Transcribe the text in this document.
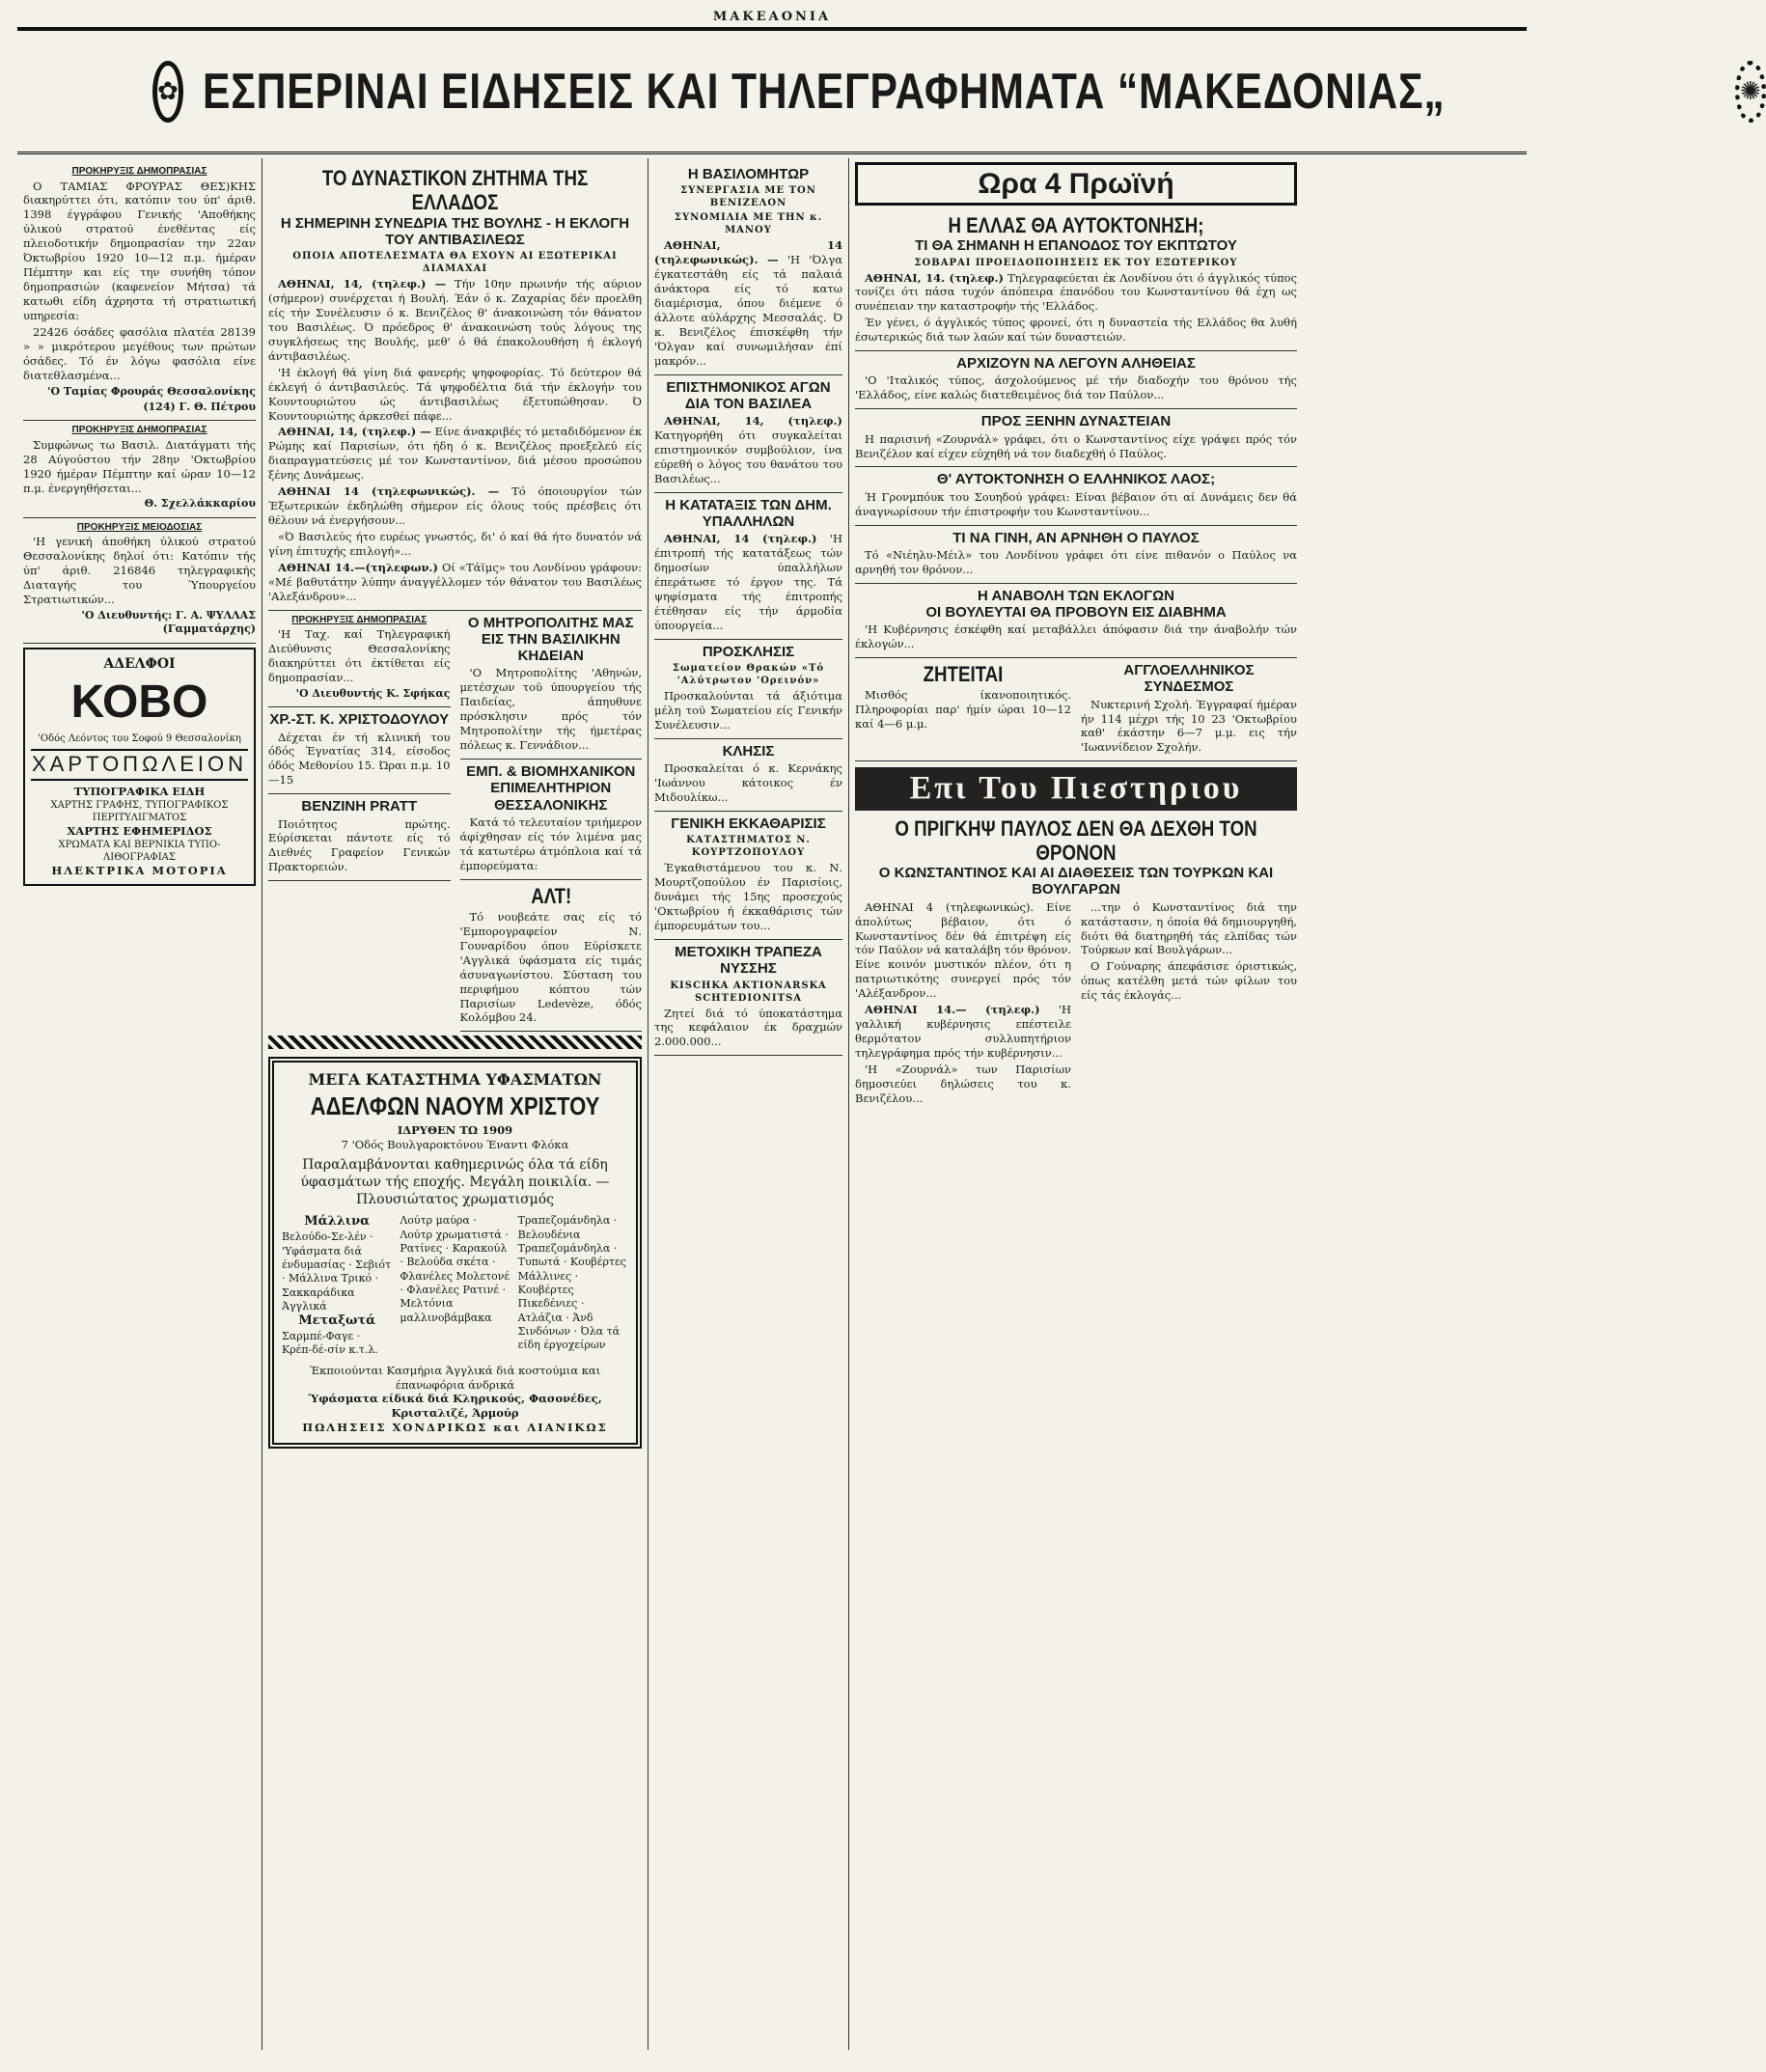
MAKEAONIA
✿ ΕΣΠΕΡΙΝΑΙ ΕΙΔΗΣΕΙΣ ΚΑΙ ΤΗΛΕΓΡΑΦΗΜΑΤΑ “ΜΑΚΕΔΟΝΙΑΣ„	✺
ΠΡΟΚΗΡΥΞΙΣ ΔΗΜΟΠΡΑΣΙΑΣ

Ο ΤΑΜΙΑΣ ΦΡΟΥΡΑΣ ΘΕΣ)ΚΗΣ διακηρύττει ότι, κατόπιν του ύπ' άριθ. 1398 έγγράφου Γενικής 'Αποθήκης ύλικού στρατού ένεθέντας είς πλειοδοτικήν δημοπρασίαν την 22αν Όκτωβρίου 1920 10—12 π.μ. ήμέραν Πέμπτην και είς την συνήθη τόπον δημοπρασιών (καφενείον Μήτσα) τά κατωθι είδη άχρηστα τή στρατιωτική υπηρεσία:

22426 όσάδες φασόλια πλατέα 28139 » » μικρότερου μεγέθους των πρώτων όσάδες. Τό έν λόγω φασόλια είνε διατεθλασμένα...

'Ο Ταμίας Φρουράς Θεσσαλονίκης
(124) Γ. Θ. Πέτρου
ΠΡΟΚΗΡΥΞΙΣ ΔΗΜΟΠΡΑΣΙΑΣ

Συμφώνως τω Βασιλ. Διατάγματι τής 28 Αύγούστου τήν 28ην 'Οκτωβρίου 1920 ήμέραν Πέμπτην καί ώραν 10—12 π.μ. ένεργηθήσεται...

Θ. Σχελλάκκαρίου
ΠΡΟΚΗΡΥΞΙΣ ΜΕΙΟΔΟΣΙΑΣ

'Η γενική άποθήκη ύλικού στρατού Θεσσαλονίκης δηλοί ότι: Κατόπιν τής ύπ' άριθ. 216846 τηλεγραφικής Διαταγής του Ύπουργείου Στρατιωτικών...

'Ο Διευθυντής: Γ. Α. ΨΥΛΛΑΣ (Γαμματάρχης)
ΑΔΕΛΦΟΙ
ΚΟΒΟ
'Οδός Λεόντος του Σοφού 9 Θεσσαλονίκη
ΧΑΡΤΟΠΩΛΕΙΟΝ
ΤΥΠΟΓΡΑΦΙΚΑ ΕΙΔΗ
ΧΑΡΤΗΣ ΓΡΑΦΗΣ, ΤΥΠΟΓΡΑΦΙΚΟΣ ΠΕΡΙΤΥΛΙΓΜΑΤΟΣ
ΧΑΡΤΗΣ ΕΦΗΜΕΡΙΔΟΣ
ΧΡΩΜΑΤΑ ΚΑΙ ΒΕΡΝΙΚΙΑ ΤΥΠΟ-ΛΙΘΟΓΡΑΦΙΑΣ
ΗΛΕΚΤΡΙΚΑ ΜΟΤΟΡΙΑ
ΤΟ ΔΥΝΑΣΤΙΚΟΝ ΖΗΤΗΜΑ ΤΗΣ ΕΛΛΑΔΟΣ
Η ΣΗΜΕΡΙΝΗ ΣΥΝΕΔΡΙΑ ΤΗΣ ΒΟΥΛΗΣ - Η ΕΚΛΟΓΗ ΤΟΥ ΑΝΤΙΒΑΣΙΛΕΩΣ
ΟΠΟΙΑ ΑΠΟΤΕΛΕΣΜΑΤΑ ΘΑ ΕΧΟΥΝ ΑΙ ΕΞΩΤΕΡΙΚΑΙ ΔΙΑΜΑΧΑΙ

ΑΘΗΝΑΙ, 14, (τηλεφ.) — Τήν 10ην πρωινήν τής αύριον (σήμερον) συνέρχεται ή Βουλή. Έάν ό κ. Ζαχαρίας δέν προελθη είς τήν Συνέλευσιν ό κ. Βενιζέλος θ' άνακοινώση τόν θάνατον του Βασιλέως. Ό πρόεδρος θ' άνακοινώση τούς λόγους της συγκλήσεως της Βουλής, μεθ' ό θά έπακολουθήση ή έκλογή άντιβασιλέως.

'Η έκλογή θά γίνη διά φανερής ψηφοφορίας. Τό δεύτερον θά έκλεγή ό άντιβασιλεύς. Τά ψηφοδέλτια διά τήν έκλογήν του Κουντουριώτου ώς άντιβασιλέως έξετυπώθησαν. Ό Κουντουριώτης άρκεσθεί πάφε...

ΑΘΗΝΑΙ, 14, (τηλεφ.) — Είνε άνακριβές τό μεταδιδόμενον έκ Ρώμης καί Παρισίων, ότι ήδη ό κ. Βενιζέλος προεξελεύ είς διαπραγματεύσεις μέ τον Κωνσταντίνον, διά μέσου προσώπου ξένης Δυνάμεως.

ΑΘΗΝΑΙ 14 (τηλεφωνικώς). — Τό όποιουργίον τών Έξωτερικών έκδηλώθη σήμερον είς όλους τούς πρέσβεις ότι θέλουν νά ένεργήσουν...

«Ό Βασιλεύς ήτο ευρέως γνωστός, δι' ό καί θά ήτο δυνατόν νά γίνη έπιτυχής επιλογή»...

ΑΘΗΝΑΙ 14.—(τηλεφων.) Οί «Τάϊμς» του Λονδίνου γράφουν: «Μέ βαθυτάτην λύπην άναγγέλλομεν τόν θάνατον του Βασιλέως 'Αλεξάνδρου»...

ΠΡΟΚΗΡΥΞΙΣ ΔΗΜΟΠΡΑΣΙΑΣ

'Η Ταχ. καί Τηλεγραφική Διεύθυνσις Θεσσαλονίκης διακηρύττει ότι έκτίθεται είς δημοπρασίαν...

'Ο Διευθυντής Κ. Σφήκας
ΧΡ.-ΣΤ. Κ. ΧΡΙΣΤΟΔΟΥΛΟΥ

Δέχεται έν τή κλινική του όδός Έγνατίας 314, είσοδος όδός Μεθονίου 15. Ώραι π.μ. 10—15

ΒΕΝΖΙΝΗ PRATT

Ποιότητος πρώτης. Εύρίσκεται πάντοτε είς τό Διεθνές Γραφείον Γενικών Πρακτορειών.

Ο ΜΗΤΡΟΠΟΛΙΤΗΣ ΜΑΣ ΕΙΣ ΤΗΝ ΒΑΣΙΛΙΚΗΝ ΚΗΔΕΙΑΝ

'Ο Μητροπολίτης 'Αθηνών, μετέσχων τοϋ ύπουργείου τής Παιδείας, άπηυθυνε πρόσκλησιν πρός τόν Μητροπολίτην τής ήμετέρας πόλεως κ. Γεννάδιον...

ΕΜΠ. & ΒΙΟΜΗΧΑΝΙΚΟΝ ΕΠΙΜΕΛΗΤΗΡΙΟΝ ΘΕΣΣΑΛΟΝΙΚΗΣ

Κατά τό τελευταίον τριήμερον άφίχθησαν είς τόν λιμένα μας τά κατωτέρω άτμόπλοια καί τά έμπορεύματα:

ΑΛΤ!

Τό νουβεάτε σας είς τό 'Εμπορογραφείον Ν. Γουναρίδου όπου Εύρίσκετε 'Αγγλικά ύφάσματα είς τιμάς άσυναγωνίστου. Σύσταση του περιφήμου κόπτου τών Παρισίων Ledevèze, όδός Κολόμβου 24.

ΜΕΓΑ ΚΑΤΑΣΤΗΜΑ ΥΦΑΣΜΑΤΩΝ
ΑΔΕΛΦΩΝ ΝΑΟΥΜ ΧΡΙΣΤΟΥ
ΙΔΡΥΘΕΝ ΤΩ 1909
7 'Οδός Βουλγαροκτόνου Έναντι Φλόκα
Παραλαμβάνονται καθημερινώς όλα τά είδη ύφασμάτων τής εποχής. Μεγάλη ποικιλία. — Πλουσιώτατος χρωματισμός
Μάλλινα
Βελούδο-Σε-λέν · 'Υφάσματα διά ένδυμασίας · Σεβιότ · Μάλλινα Τρικό · Σακκαράδικα Άγγλικά
Μεταξωτά
Σαρμπέ-Φαγε · Κρέπ-δέ-σίν κ.τ.λ.
Λούτρ μαύρα · Λούτρ χρωματιστά · Ρατίνες · Καρακούλ · Βελούδα σκέτα · Φλανέλες Μολετονέ · Φλανέλες Ρατινέ · Μελτόνια μαλλινοβάμβακα
Τραπεζομάνδηλα · Βελουδένια Τραπεζομάνδηλα · Τυπωτά · Κουβέρτες Μάλλινες · Κουβέρτες Πικεδένιες · Ατλάζια · Άνδ Σινδόνων · Όλα τά είδη έργοχείρων
Έκποιούνται Κασμήρια Άγγλικά διά κοστούμια και έπανωφόρια άνδρικά
Ύφάσματα είδικά διά Κληρικούς, Φασονέδες, Κρισταλιζέ, Άρμούρ
ΠΩΛΗΣΕΙΣ ΧΟΝΔΡΙΚΩΣ και ΛΙΑΝΙΚΩΣ
Η ΒΑΣΙΛΟΜΗΤΩΡ
ΣΥΝΕΡΓΑΣΙΑ ΜΕ ΤΟΝ ΒΕΝΙΖΕΛΟΝ
ΣΥΝΟΜΙΛΙΑ ΜΕ ΤΗΝ κ. ΜΑΝΟΥ

ΑΘΗΝΑΙ, 14 (τηλεφωνικώς). — 'Η 'Όλγα έγκατεστάθη είς τά παλαιά άνάκτορα είς τό κατω διαμέρισμα, όπου διέμενε ό άλλοτε αύλάρχης Μεσσαλάς. Ό κ. Βενιζέλος έπισκέφθη τήν 'Όλγαν καί συνωμιλήσαν έπί μακρόν...

ΕΠΙΣΤΗΜΟΝΙΚΟΣ ΑΓΩΝ ΔΙΑ ΤΟΝ ΒΑΣΙΛΕΑ

ΑΘΗΝΑΙ, 14, (τηλεφ.) Κατηγορήθη ότι συγκαλείται επιστημονικόν συμβούλιον, ίνα εύρεθή ο λόγος του θανάτου του Βασιλέως...

Η ΚΑΤΑΤΑΞΙΣ ΤΩΝ ΔΗΜ. ΥΠΑΛΛΗΛΩΝ

ΑΘΗΝΑΙ, 14 (τηλεφ.) 'Η έπιτροπή τής κατατάξεως τών δημοσίων ύπαλλήλων έπεράτωσε τό έργον της. Τά ψηφίσματα τής έπιτροπής έτέθησαν είς τήν άρμοδία ύπουργεία...

ΠΡΟΣΚΛΗΣΙΣ
Σωματείον Θρακών «Τό 'Αλύτρωτον 'Ορεινόν»

Προσκαλούνται τά άξιότιμα μέλη τοϋ Σωματείου είς Γενικήν Συνέλευσιν...

ΚΛΗΣΙΣ

Προσκαλείται ό κ. Κερνάκης 'Ιωάννου κάτοικος έν Μιδουλίκω...

ΓΕΝΙΚΗ ΕΚΚΑΘΑΡΙΣΙΣ
ΚΑΤΑΣΤΗΜΑΤΟΣ Ν. ΚΟΥΡΤΖΟΠΟΥΛΟΥ

Έγκαθιστάμενου του κ. Ν. Μουρτζοπούλου έν Παρισίοις, δυνάμει τής 15ης προσεχούς 'Οκτωβρίου ή έκκαθάρισις τών έμπορευμάτων του...

ΜΕΤΟΧΙΚΗ ΤΡΑΠΕΖΑ ΝΥΣΣΗΣ
KISCHKA AKTIONARSKA SCHTEDIONITSA

Ζητεί διά τό ύποκατάστημα της κεφάλαιον έκ δραχμών 2.000.000...

Ωρα 4 Πρωϊνή
Η ΕΛΛΑΣ ΘΑ ΑΥΤΟΚΤΟΝΗΣΗ;
ΤΙ ΘΑ ΣΗΜΑΝΗ Η ΕΠΑΝΟΔΟΣ ΤΟΥ ΕΚΠΤΩΤΟΥ
ΣΟΒΑΡΑΙ ΠΡΟΕΙΔΟΠΟΙΗΣΕΙΣ ΕΚ ΤΟΥ ΕΞΩΤΕΡΙΚΟΥ

ΑΘΗΝΑΙ, 14. (τηλεφ.) Τηλεγραφεύεται έκ Λονδίνου ότι ό άγγλικός τύπος τονίζει ότι πάσα τυχόν άπόπειρα έπανόδου του Κωνσταντίνου θά έχη ως συνέπειαν την καταστροφήν τής 'Ελλάδος.

Έν γένει, ό άγγλικός τύπος φρονεί, ότι η δυναστεία τής Ελλάδος θα λυθή έσωτερικώς διά των λαών καί τών δυναστειών.

ΑΡΧΙΖΟΥΝ ΝΑ ΛΕΓΟΥΝ ΑΛΗΘΕΙΑΣ

'Ο 'Ιταλικός τύπος, άσχολούμενος μέ τήν διαδοχήν του θρόνου τής 'Ελλάδος, είνε καλώς διατεθειμένος διά τον Παύλον...

ΠΡΟΣ ΞΕΝΗΝ ΔΥΝΑΣΤΕΙΑΝ

Η παρισινή «Ζουρνάλ» γράφει, ότι ο Κωνσταντίνος είχε γράψει πρός τόν Βενιζέλον καί είχεν εύχηθή νά τον διαδεχθή ό Παύλος.

Θ' ΑΥΤΟΚΤΟΝΗΣΗ Ο ΕΛΛΗΝΙΚΟΣ ΛΑΟΣ;

Ή Γρονμπόυκ του Σουηδού γράφει: Είναι βέβαιον ότι αί Δυνάμεις δεν θά άναγνωρίσουν τήν έπιστροφήν του Κωνσταντίνου...

ΤΙ ΝΑ ΓΙΝΗ, ΑΝ ΑΡΝΗΘΗ Ο ΠΑΥΛΟΣ

Τό «Νιέηλυ-Μέιλ» του Λονδίνου γράφει ότι είνε πιθανόν ο Παύλος να αρνηθή τον θρόνον...

Η ΑΝΑΒΟΛΗ ΤΩΝ ΕΚΛΟΓΩΝ
ΟΙ ΒΟΥΛΕΥΤΑΙ ΘΑ ΠΡΟΒΟΥΝ ΕΙΣ ΔΙΑΒΗΜΑ

'Η Κυβέρνησις έσκέφθη καί μεταβάλλει άπόφασιν διά την άναβολήν τών έκλογών...

ΖΗΤΕΙΤΑΙ

Μισθός ίκανοποιητικός. Πληροφορίαι παρ' ήμίν ώραι 10—12 καί 4—6 μ.μ.

ΑΓΓΛΟΕΛΛΗΝΙΚΟΣ ΣΥΝΔΕΣΜΟΣ

Νυκτερινή Σχολή. Έγγραφαί ήμέραν ήν 114 μέχρι τής 10 23 'Οκτωβρίου καθ' έκάστην 6—7 μ.μ. εις τήν 'Ιωαννίδειον Σχολήν.

Επι Του Πιεστηριου
Ο ΠΡΙΓΚΗΨ ΠΑΥΛΟΣ ΔΕΝ ΘΑ ΔΕΧΘΗ ΤΟΝ ΘΡΟΝΟΝ
Ο ΚΩΝΣΤΑΝΤΙΝΟΣ ΚΑΙ ΑΙ ΔΙΑΘΕΣΕΙΣ ΤΩΝ ΤΟΥΡΚΩΝ ΚΑΙ ΒΟΥΛΓΑΡΩΝ

ΑΘΗΝΑΙ 4 (τηλεφωνικώς). Είνε άπολύτως βέβαιον, ότι ό Κωνσταντίνος δέν θά έπιτρέψη είς τόν Παύλον νά καταλάβη τόν θρόνον. Είνε κοινόν μυστικόν πλέον, ότι η πατριωτικότης συνεργεί πρός τόν 'Αλέξανδρον...

ΑΘΗΝΑΙ 14.— (τηλεφ.) 'Η γαλλική κυβέρνησις επέστειλε θερμότατον συλλυπητήριον τηλεγράφημα πρός τήν κυβέρνησιν...

'Η «Ζουρνάλ» των Παρισίων δημοσιεύει δηλώσεις του κ. Βενιζέλου...

...την ό Κωνσταντίνος διά την κατάστασιν, η όποία θά δημιουργηθή, διότι θά διατηρηθή τάς ελπίδας τών Τούρκων καί Βουλγάρων...

Ο Γούναρης άπεφάσισε όριστικώς, όπως κατέλθη μετά τών φίλων του είς τάς έκλογάς...
